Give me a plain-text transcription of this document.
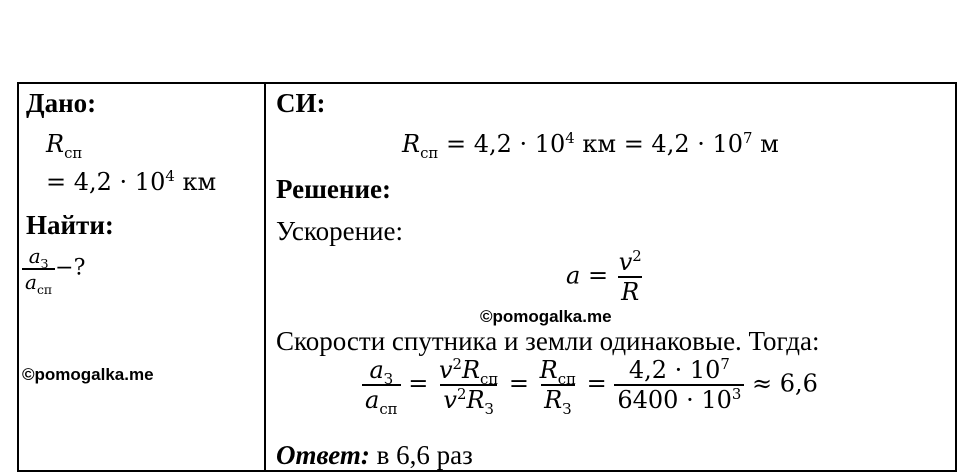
Дано:
$R_{сп}$
= $4,2 \cdot 10^4$ км
Найти:
$\frac{a_З}{a_{сп}}$ −?
©pomogalka.me
СИ:
$R_{сп} = 4,2 \cdot 10^4$ км = $4,2 \cdot 10^7$ м
Решение:
Ускорение:
$a = \frac{v^2}{R}$
©pomogalka.me
Скорости спутника и земли одинаковые. Тогда:
$\frac{a_З}{a_{сп}} = \frac{v^2R_{сп}}{v^2R_З} = \frac{R_{сп}}{R_З} = \frac{4,2 \cdot 10^7}{6400 \cdot 10^3} \approx 6,6$
Ответ: в 6,6 раз
